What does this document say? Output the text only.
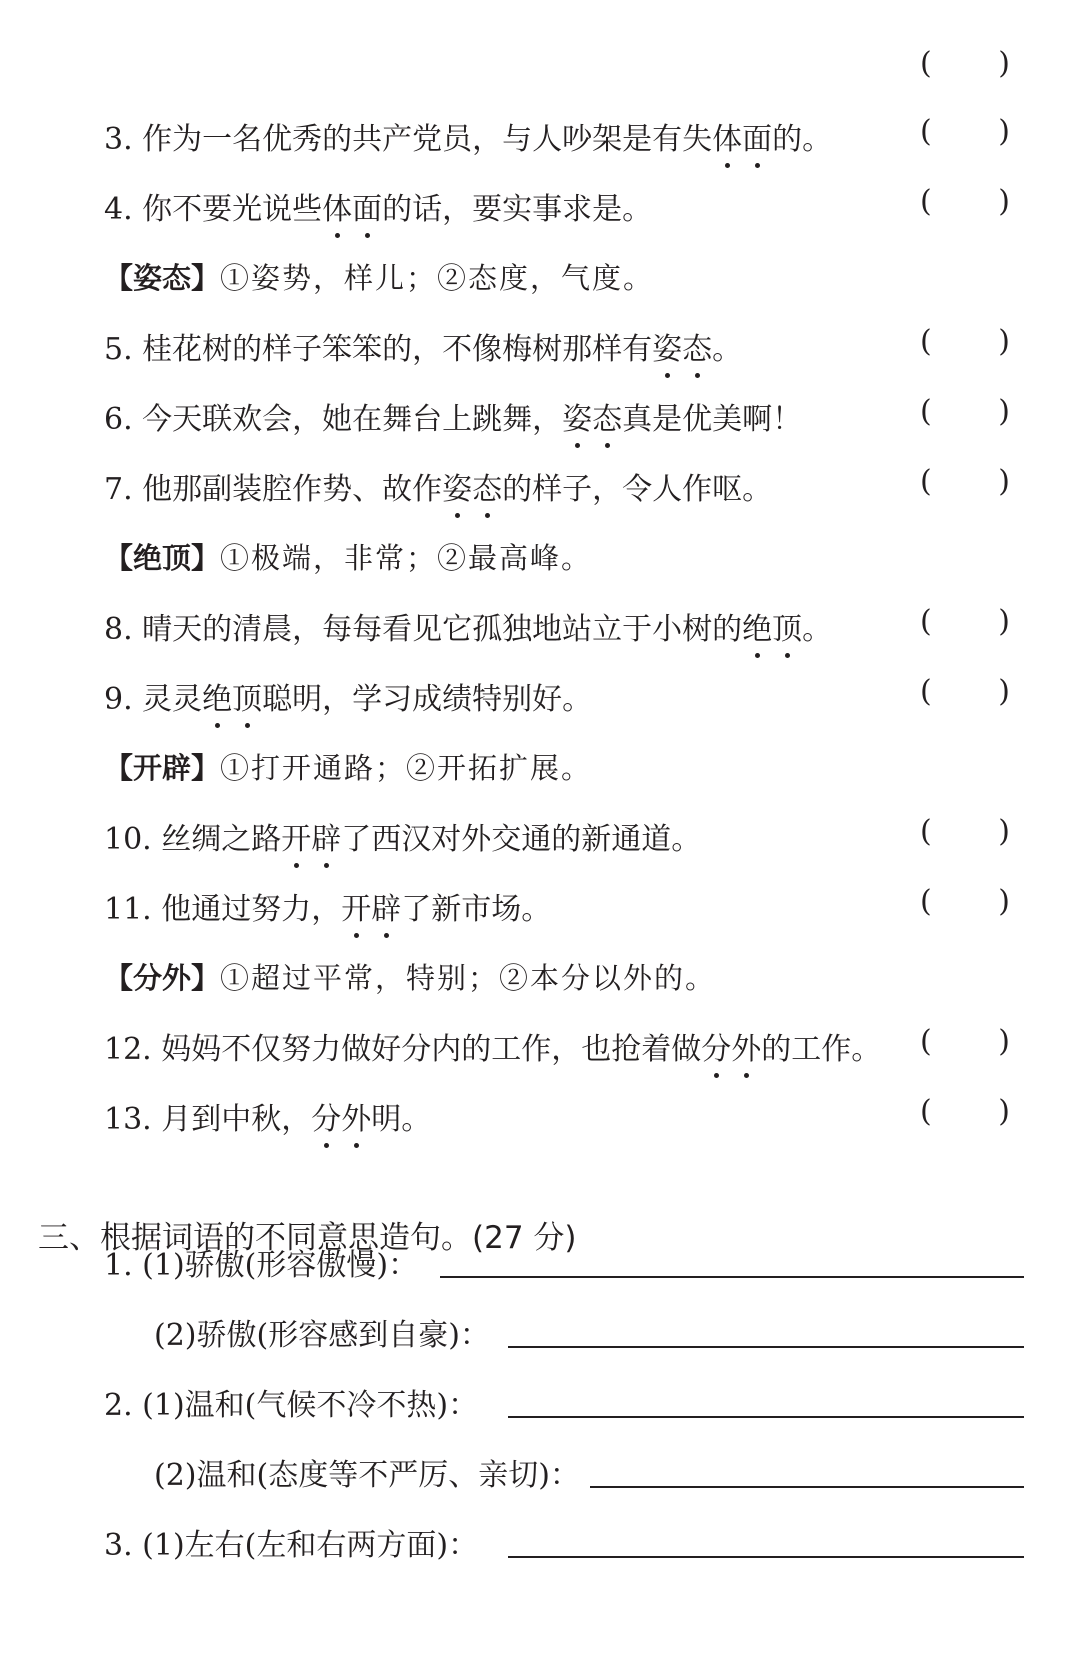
( )
3. 作为一名优秀的共产党员，与人吵架是有失体面的。	( )
4. 你不要光说些体面的话，要实事求是。	( )
【姿态】①姿势，样儿；②态度，气度。
5. 桂花树的样子笨笨的，不像梅树那样有姿态。	( )
6. 今天联欢会，她在舞台上跳舞，姿态真是优美啊！	( )
7. 他那副装腔作势、故作姿态的样子，令人作呕。	( )
【绝顶】①极端，非常；②最高峰。
8. 晴天的清晨，每每看见它孤独地站立于小树的绝顶。	( )
9. 灵灵绝顶聪明，学习成绩特别好。	( )
【开辟】①打开通路；②开拓扩展。
10. 丝绸之路开辟了西汉对外交通的新通道。	( )
11. 他通过努力，开辟了新市场。	( )
【分外】①超过平常，特别；②本分以外的。
12. 妈妈不仅努力做好分内的工作，也抢着做分外的工作。 ( )
13. 月到中秋，分外明。	( )
三、根据词语的不同意思造句。(27 分)
1. (1)骄傲(形容傲慢)：
(2)骄傲(形容感到自豪)：
2. (1)温和(气候不冷不热)：
(2)温和(态度等不严厉、亲切)：
3. (1)左右(左和右两方面)：
